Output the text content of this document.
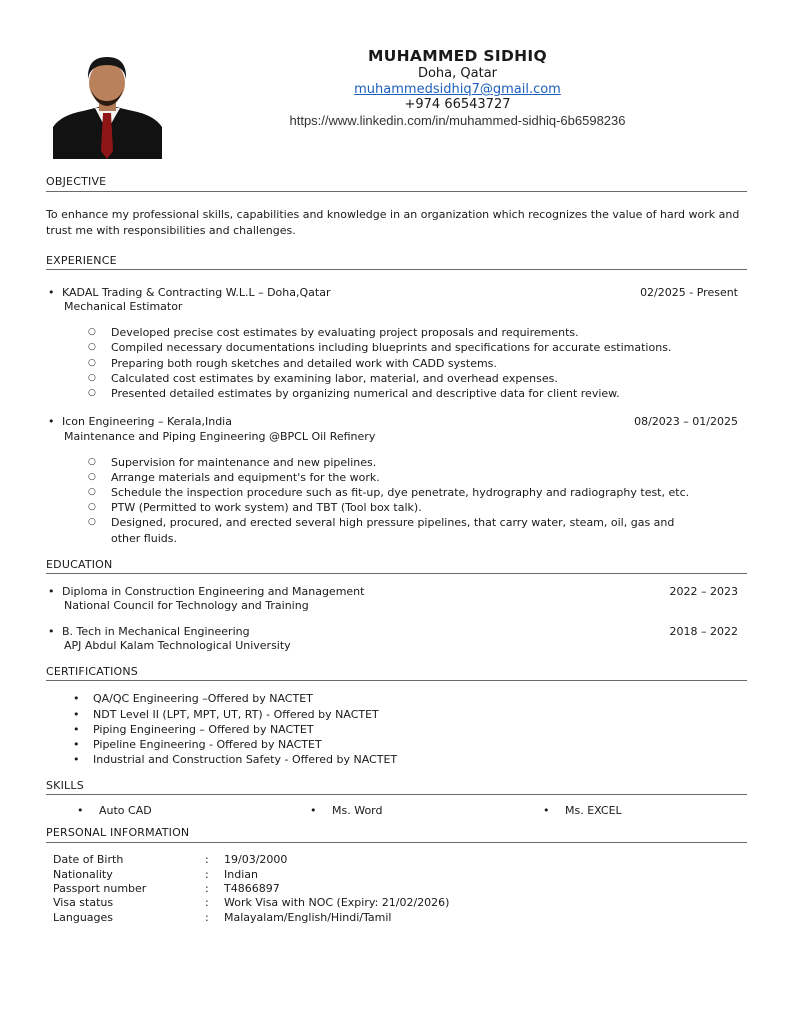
MUHAMMED SIDHIQ
Doha, Qatar
muhammedsidhiq7@gmail.com
+974 66543727
https://www.linkedin.com/in/muhammed-sidhiq-6b6598236
OBJECTIVE
To enhance my professional skills, capabilities and knowledge in an organization which recognizes the value of hard work and trust me with responsibilities and challenges.
EXPERIENCE
• KADAL Trading & Contracting W.L.L – Doha,Qatar	02/2025 - Present
Mechanical Estimator
○ Developed precise cost estimates by evaluating project proposals and requirements.
○ Compiled necessary documentations including blueprints and specifications for accurate estimations.
○ Preparing both rough sketches and detailed work with CADD systems.
○ Calculated cost estimates by examining labor, material, and overhead expenses.
○ Presented detailed estimates by organizing numerical and descriptive data for client review.
• Icon Engineering – Kerala,India	08/2023 – 01/2025
Maintenance and Piping Engineering @BPCL Oil Refinery
○ Supervision for maintenance and new pipelines.
○ Arrange materials and equipment's for the work.
○ Schedule the inspection procedure such as fit-up, dye penetrate, hydrography and radiography test, etc.
○ PTW (Permitted to work system) and TBT (Tool box talk).
○ Designed, procured, and erected several high pressure pipelines, that carry water, steam, oil, gas and
other fluids.
EDUCATION
• Diploma in Construction Engineering and Management	2022 – 2023
National Council for Technology and Training
• B. Tech in Mechanical Engineering	2018 – 2022
APJ Abdul Kalam Technological University
CERTIFICATIONS
• QA/QC Engineering –Offered by NACTET
• NDT Level II (LPT, MPT, UT, RT) - Offered by NACTET
• Piping Engineering – Offered by NACTET
• Pipeline Engineering - Offered by NACTET
• Industrial and Construction Safety - Offered by NACTET
SKILLS
• Auto CAD	• Ms. Word	• Ms. EXCEL
PERSONAL INFORMATION
Date of Birth	: 19/03/2000
Nationality	: Indian
Passport number	: T4866897
Visa status	: Work Visa with NOC (Expiry: 21/02/2026)
Languages	: Malayalam/English/Hindi/Tamil
